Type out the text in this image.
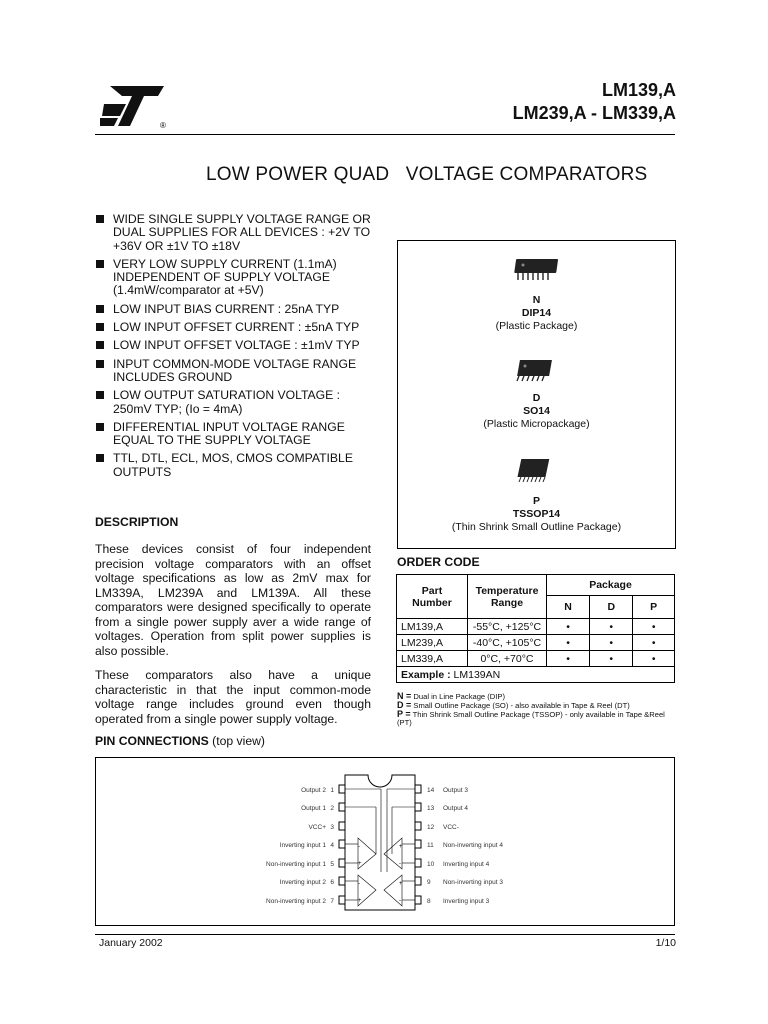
®
LM139,A
LM239,A - LM339,A
LOW POWER QUAD   VOLTAGE COMPARATORS
WIDE SINGLE SUPPLY VOLTAGE RANGE OR DUAL SUPPLIES FOR ALL DEVICES : +2V TO +36V OR ±1V TO ±18V
VERY LOW SUPPLY CURRENT (1.1mA) INDEPENDENT OF SUPPLY VOLTAGE (1.4mW/comparator at +5V)
LOW INPUT BIAS CURRENT : 25nA TYP
LOW INPUT OFFSET CURRENT : ±5nA TYP
LOW INPUT OFFSET VOLTAGE : ±1mV TYP
INPUT COMMON-MODE VOLTAGE RANGE INCLUDES GROUND
LOW OUTPUT SATURATION VOLTAGE : 250mV TYP; (Io = 4mA)
DIFFERENTIAL INPUT VOLTAGE RANGE EQUAL TO THE SUPPLY VOLTAGE
TTL, DTL, ECL, MOS, CMOS COMPATIBLE OUTPUTS
DESCRIPTION
These devices consist of four independent precision voltage comparators with an offset voltage specifications as low as 2mV max for LM339A, LM239A and LM139A. All these comparators were designed specifically to operate from a single power supply aver a wide range of voltages. Operation from split power supplies is also possible.
These comparators also have a unique characteristic in that the input common-mode voltage range includes ground even though operated from a single power supply voltage.
N
DIP14
(Plastic Package)
D
SO14
(Plastic Micropackage)
P
TSSOP14
(Thin Shrink Small Outline Package)
ORDER CODE
Part Number	Temperature Range	Package		
		N	D	P
LM139,A	-55°C, +125°C	•	•	•
LM239,A	-40°C, +105°C	•	•	•
LM339,A	0°C, +70°C	•	•	•
Example : LM139AN				
N = Dual in Line Package (DIP)
D = Small Outline Package (SO) - also available in Tape & Reel (DT)
P = Thin Shrink Small Outline Package (TSSOP) - only available in Tape &Reel (PT)
PIN CONNECTIONS (top view)
-
+
-
+
+
-
+
-
Output 2
Output 1
VCC+
Inverting input 1
Non-inverting input 1
Inverting input 2
Non-inverting input 2
1
2
3
4
5
6
7
14
13
12
11
10
9
8
Output 3
Output 4
VCC-
Non-inverting input 4
Inverting input 4
Non-inverting input 3
Inverting input 3
January 2002	1/10
